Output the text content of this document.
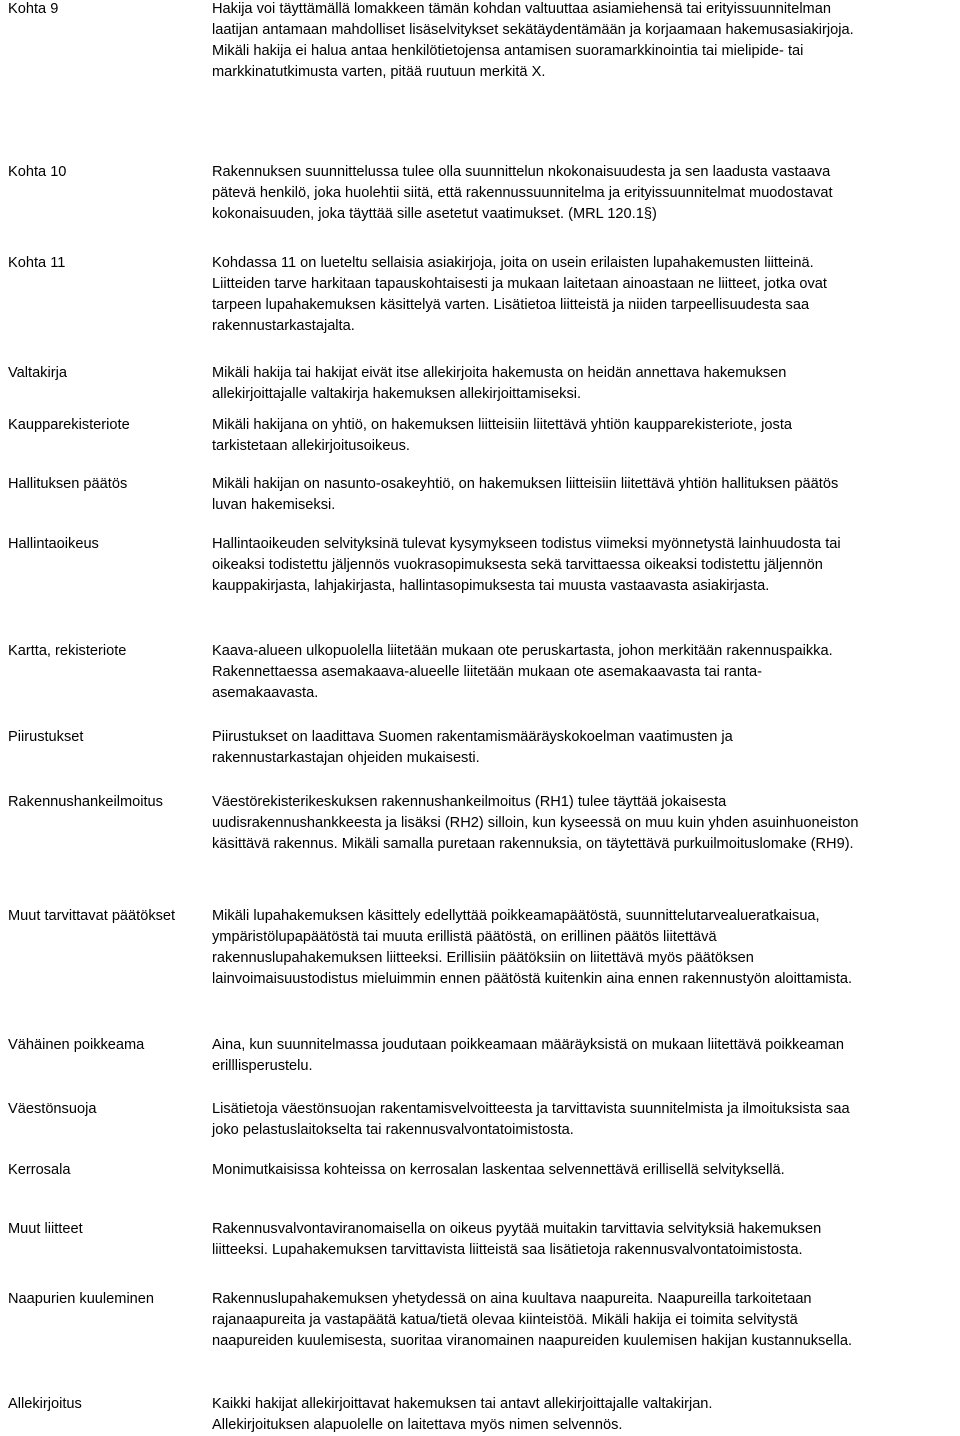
Kohta 9	Hakija voi täyttämällä lomakkeen tämän kohdan valtuuttaa asiamiehensä tai erityissuunnitelman
laatijan antamaan mahdolliset lisäselvitykset sekätäydentämään ja korjaamaan hakemusasiakirjoja.
Mikäli hakija ei halua antaa henkilötietojensa antamisen suoramarkkinointia tai mielipide- tai
markkinatutkimusta varten, pitää ruutuun merkitä X.
Kohta 10	Rakennuksen suunnittelussa tulee olla suunnittelun nkokonaisuudesta ja sen laadusta vastaava
pätevä henkilö, joka huolehtii siitä, että rakennussuunnitelma ja erityissuunnitelmat muodostavat
kokonaisuuden, joka täyttää sille asetetut vaatimukset. (MRL 120.1§)
Kohta 11	Kohdassa 11 on lueteltu sellaisia asiakirjoja, joita on usein erilaisten lupahakemusten liitteinä.
Liitteiden tarve harkitaan tapauskohtaisesti ja mukaan laitetaan ainoastaan ne liitteet, jotka ovat
tarpeen lupahakemuksen käsittelyä varten. Lisätietoa liitteistä ja niiden tarpeellisuudesta saa
rakennustarkastajalta.
Valtakirja	Mikäli hakija tai hakijat eivät itse allekirjoita hakemusta on heidän annettava hakemuksen
allekirjoittajalle valtakirja hakemuksen allekirjoittamiseksi.
Kaupparekisteriote	Mikäli hakijana on yhtiö, on hakemuksen liitteisiin liitettävä yhtiön kaupparekisteriote, josta
tarkistetaan allekirjoitusoikeus.
Hallituksen päätös	Mikäli hakijan on nasunto-osakeyhtiö, on hakemuksen liitteisiin liitettävä yhtiön hallituksen päätös
luvan hakemiseksi.
Hallintaoikeus	Hallintaoikeuden selvityksinä tulevat kysymykseen todistus viimeksi myönnetystä lainhuudosta tai
oikeaksi todistettu jäljennös vuokrasopimuksesta sekä tarvittaessa oikeaksi todistettu jäljennön
kauppakirjasta, lahjakirjasta, hallintasopimuksesta tai muusta vastaavasta asiakirjasta.
Kartta, rekisteriote	Kaava-alueen ulkopuolella liitetään mukaan ote peruskartasta, johon merkitään rakennuspaikka.
Rakennettaessa asemakaava-alueelle liitetään mukaan ote asemakaavasta tai ranta-
asemakaavasta.
Piirustukset	Piirustukset on laadittava Suomen rakentamismääräyskokoelman vaatimusten ja
rakennustarkastajan ohjeiden mukaisesti.
Rakennushankeilmoitus	Väestörekisterikeskuksen rakennushankeilmoitus (RH1) tulee täyttää jokaisesta
uudisrakennushankkeesta ja lisäksi (RH2) silloin, kun kyseessä on muu kuin yhden asuinhuoneiston
käsittävä rakennus. Mikäli samalla puretaan rakennuksia, on täytettävä purkuilmoituslomake (RH9).
Muut tarvittavat päätökset	Mikäli lupahakemuksen käsittely edellyttää poikkeamapäätöstä, suunnittelutarvealueratkaisua,
ympäristölupapäätöstä tai muuta erillistä päätöstä, on erillinen päätös liitettävä
rakennuslupahakemuksen liitteeksi. Erillisiin päätöksiin on liitettävä myös päätöksen
lainvoimaisuustodistus mieluimmin ennen päätöstä kuitenkin aina ennen rakennustyön aloittamista.
Vähäinen poikkeama	Aina, kun suunnitelmassa joudutaan poikkeamaan määräyksistä on mukaan liitettävä poikkeaman
erilllisperustelu.
Väestönsuoja	Lisätietoja väestönsuojan rakentamisvelvoitteesta ja tarvittavista suunnitelmista ja ilmoituksista saa
joko pelastuslaitokselta tai rakennusvalvontatoimistosta.
Kerrosala	Monimutkaisissa kohteissa on kerrosalan laskentaa selvennettävä erillisellä selvityksellä.
Muut liitteet	Rakennusvalvontaviranomaisella on oikeus pyytää muitakin tarvittavia selvityksiä hakemuksen
liitteeksi. Lupahakemuksen tarvittavista liitteistä saa lisätietoja rakennusvalvontatoimistosta.
Naapurien kuuleminen	Rakennuslupahakemuksen yhetydessä on aina kuultava naapureita. Naapureilla tarkoitetaan
rajanaapureita ja vastapäätä katua/tietä olevaa kiinteistöä. Mikäli hakija ei toimita selvitystä
naapureiden kuulemisesta, suoritaa viranomainen naapureiden kuulemisen hakijan kustannuksella.
Allekirjoitus	Kaikki hakijat allekirjoittavat hakemuksen tai antavt allekirjoittajalle valtakirjan.
Allekirjoituksen alapuolelle on laitettava myös nimen selvennös.
